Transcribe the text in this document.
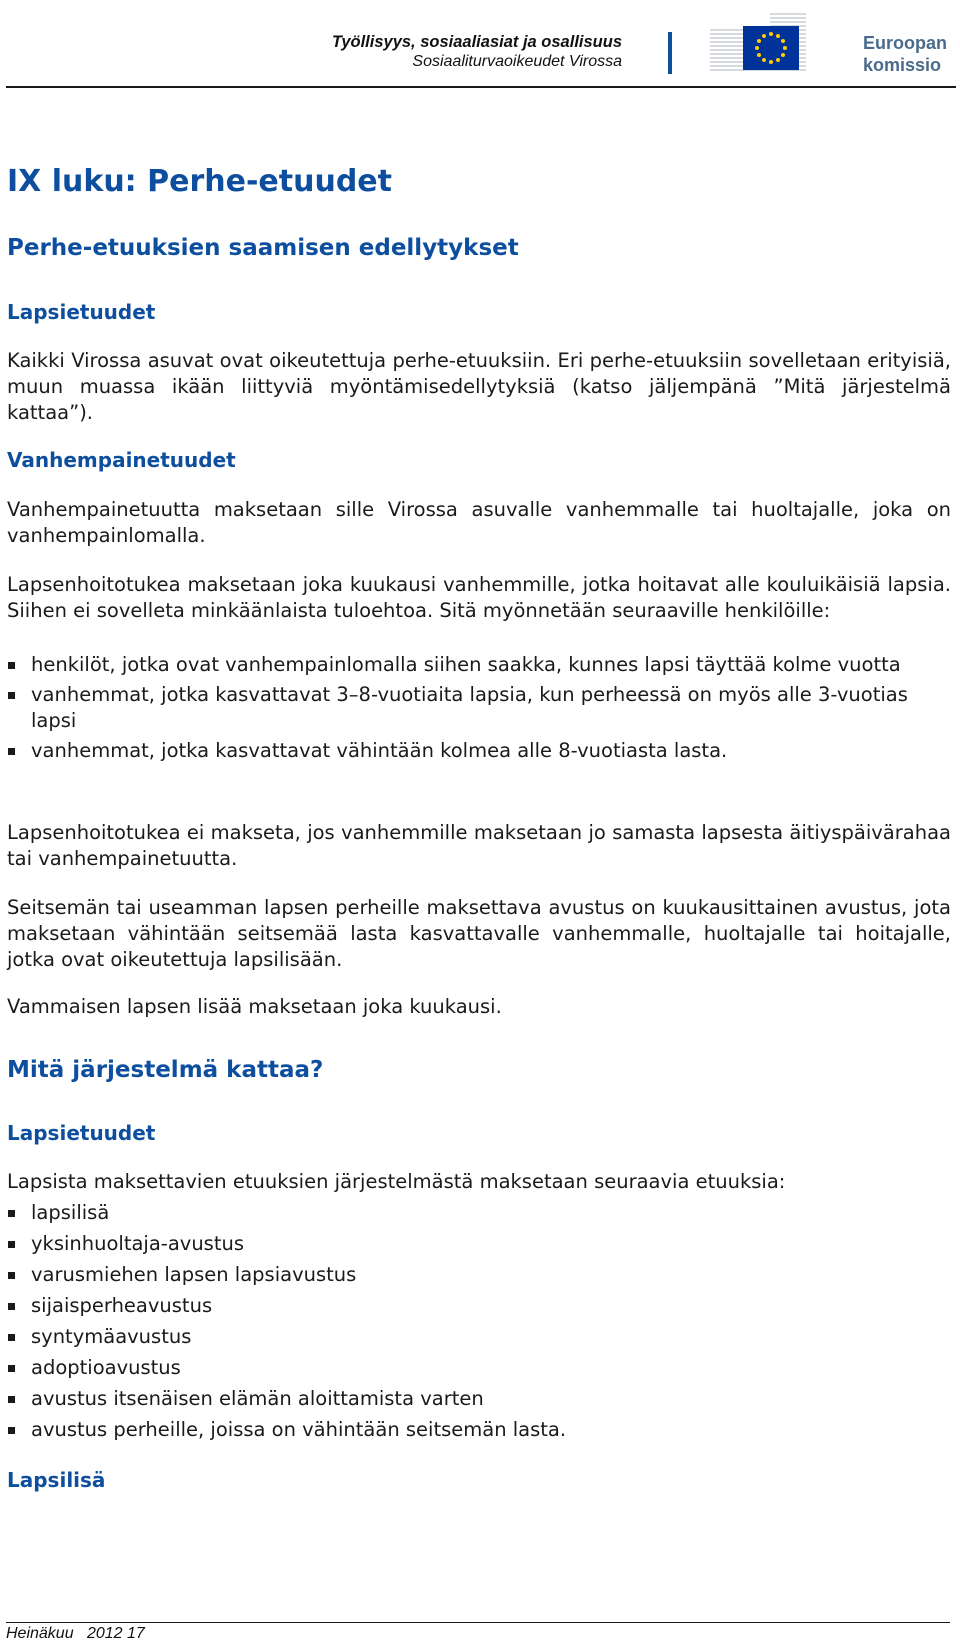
Työllisyys, sosiaaliasiat ja osallisuus
Sosiaaliturvaoikeudet Virossa
Euroopan
komissio
IX luku: Perhe-etuudet
Perhe-etuuksien saamisen edellytykset
Lapsietuudet

Kaikki Virossa asuvat ovat oikeutettuja perhe-etuuksiin. Eri perhe-etuuksiin sovelletaan erityisiä, muun muassa ikään liittyviä myöntämisedellytyksiä (katso jäljempänä ”Mitä järjestelmä kattaa”).

Vanhempainetuudet

Vanhempainetuutta maksetaan sille Virossa asuvalle vanhemmalle tai huoltajalle, joka on vanhempainlomalla.

Lapsenhoitotukea maksetaan joka kuukausi vanhemmille, jotka hoitavat alle kouluikäisiä lapsia. Siihen ei sovelleta minkäänlaista tuloehtoa. Sitä myönnetään seuraaville henkilöille:

henkilöt, jotka ovat vanhempainlomalla siihen saakka, kunnes lapsi täyttää kolme vuotta
vanhemmat, jotka kasvattavat 3–8-vuotiaita lapsia, kun perheessä on myös alle 3-vuotias lapsi
vanhemmat, jotka kasvattavat vähintään kolmea alle 8-vuotiasta lasta.

Lapsenhoitotukea ei makseta, jos vanhemmille maksetaan jo samasta lapsesta äitiyspäivärahaa tai vanhempainetuutta.

Seitsemän tai useamman lapsen perheille maksettava avustus on kuukausittainen avustus, jota maksetaan vähintään seitsemää lasta kasvattavalle vanhemmalle, huoltajalle tai hoitajalle, jotka ovat oikeutettuja lapsilisään.

Vammaisen lapsen lisää maksetaan joka kuukausi.

Mitä järjestelmä kattaa?
Lapsietuudet

Lapsista maksettavien etuuksien järjestelmästä maksetaan seuraavia etuuksia:

lapsilisä
yksinhuoltaja-avustus
varusmiehen lapsen lapsiavustus
sijaisperheavustus
syntymäavustus
adoptioavustus
avustus itsenäisen elämän aloittamista varten
avustus perheille, joissa on vähintään seitsemän lasta.
Lapsilisä
Heinäkuu   2012 17
